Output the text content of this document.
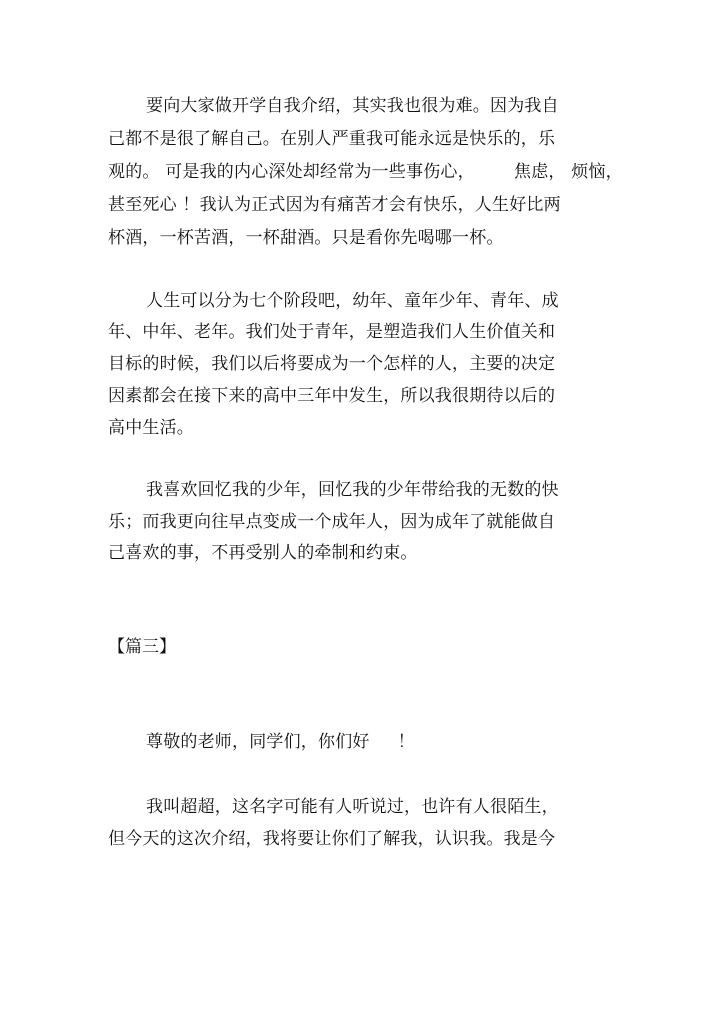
要向大家做开学自我介绍，其实我也很为难。因为我自
己都不是很了解自己。在别人严重我可能永远是快乐的，乐
观的。 可是我的内心深处却经常为一些事伤心，       焦虑， 烦恼，
甚至死心 ！我认为正式因为有痛苦才会有快乐，人生好比两
杯酒，一杯苦酒，一杯甜酒。只是看你先喝哪一杯。
人生可以分为七个阶段吧，幼年、童年少年、青年、成
年、中年、老年。我们处于青年，是塑造我们人生价值关和
目标的时候，我们以后将要成为一个怎样的人，主要的决定
因素都会在接下来的高中三年中发生，所以我很期待以后的
高中生活。
我喜欢回忆我的少年，回忆我的少年带给我的无数的快
乐；而我更向往早点变成一个成年人，因为成年了就能做自
己喜欢的事，不再受别人的牵制和约束。
【篇三】
尊敬的老师，同学们，你们好     ！
我叫超超，这名字可能有人听说过，也许有人很陌生，
但今天的这次介绍，我将要让你们了解我，认识我。我是今
